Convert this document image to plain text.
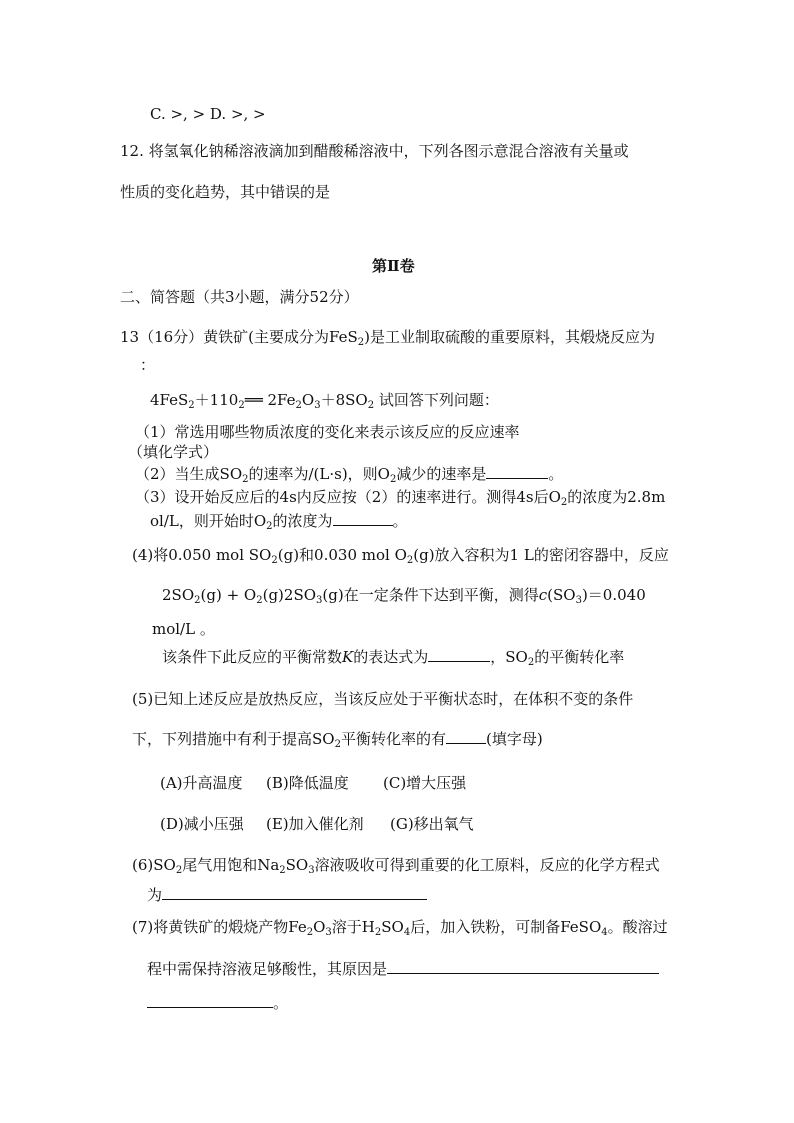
C. >, > D. >, >
12. 将氢氧化钠稀溶液滴加到醋酸稀溶液中，下列各图示意混合溶液有关量或
性质的变化趋势，其中错误的是
第Ⅱ卷
二、简答题（共3小题，满分52分）
13（16分）黄铁矿(主要成分为FeS$_2$)是工业制取硫酸的重要原料，其煅烧反应为
：
$4FeS_2+110_2══$ $2Fe_2O_3+8SO_2$ 试回答下列问题：
（1）常选用哪些物质浓度的变化来表示该反应的反应速率
（填化学式）
（2）当生成$SO_2$的速率为/(L·s)，则$O_2$减少的速率是	。
（3）设开始反应后的4s内反应按（2）的速率进行。测得4s后$O_2$的浓度为2.8m
ol/L，则开始时$O_2$的浓度为	。
(4)将0.050 mol $SO_2(g)$和0.030 mol $O_2(g)$放入容积为1 L的密闭容器中，反应
$2SO_2(g) + O_2(g)2SO_3(g)$在一定条件下达到平衡，测得$c(SO_3)=0.040$
mol/L 。
该条件下此反应的平衡常数K的表达式为	，$SO_2$的平衡转化率
(5)已知上述反应是放热反应，当该反应处于平衡状态时，在体积不变的条件
下，下列措施中有利于提高$SO_2$平衡转化率的有	(填字母)
(A)升高温度 (B)降低温度 (C)增大压强
(D)减小压强 (E)加入催化剂 (G)移出氧气
$(6)SO_2$尾气用饱和$Na_2SO_3$溶液吸收可得到重要的化工原料，反应的化学方程式
为
(7)将黄铁矿的煅烧产物$Fe_2O_3$溶于$H_2SO_4$后，加入铁粉，可制备FeSO$_4$。酸溶过
程中需保持溶液足够酸性，其原因是
。
